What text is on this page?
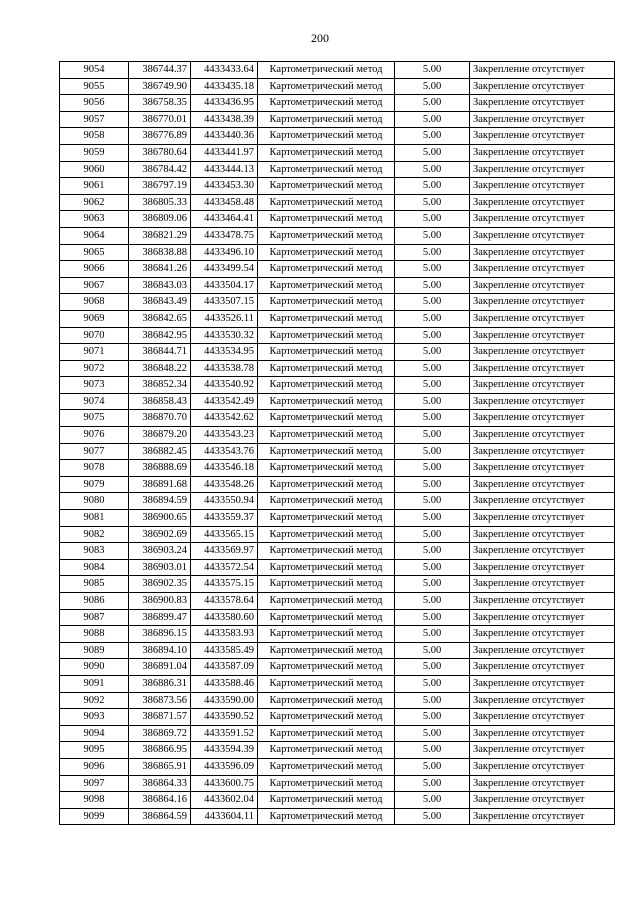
200
9054	386744.37	4433433.64	Картометрический метод	5.00	Закрепление отсутствует
9055	386749.90	4433435.18	Картометрический метод	5.00	Закрепление отсутствует
9056	386758.35	4433436.95	Картометрический метод	5.00	Закрепление отсутствует
9057	386770.01	4433438.39	Картометрический метод	5.00	Закрепление отсутствует
9058	386776.89	4433440.36	Картометрический метод	5.00	Закрепление отсутствует
9059	386780.64	4433441.97	Картометрический метод	5.00	Закрепление отсутствует
9060	386784.42	4433444.13	Картометрический метод	5.00	Закрепление отсутствует
9061	386797.19	4433453.30	Картометрический метод	5.00	Закрепление отсутствует
9062	386805.33	4433458.48	Картометрический метод	5.00	Закрепление отсутствует
9063	386809.06	4433464.41	Картометрический метод	5.00	Закрепление отсутствует
9064	386821.29	4433478.75	Картометрический метод	5.00	Закрепление отсутствует
9065	386838.88	4433496.10	Картометрический метод	5.00	Закрепление отсутствует
9066	386841.26	4433499.54	Картометрический метод	5.00	Закрепление отсутствует
9067	386843.03	4433504.17	Картометрический метод	5.00	Закрепление отсутствует
9068	386843.49	4433507.15	Картометрический метод	5.00	Закрепление отсутствует
9069	386842.65	4433526.11	Картометрический метод	5.00	Закрепление отсутствует
9070	386842.95	4433530.32	Картометрический метод	5.00	Закрепление отсутствует
9071	386844.71	4433534.95	Картометрический метод	5.00	Закрепление отсутствует
9072	386848.22	4433538.78	Картометрический метод	5.00	Закрепление отсутствует
9073	386852.34	4433540.92	Картометрический метод	5.00	Закрепление отсутствует
9074	386858.43	4433542.49	Картометрический метод	5.00	Закрепление отсутствует
9075	386870.70	4433542.62	Картометрический метод	5.00	Закрепление отсутствует
9076	386879.20	4433543.23	Картометрический метод	5.00	Закрепление отсутствует
9077	386882.45	4433543.76	Картометрический метод	5.00	Закрепление отсутствует
9078	386888.69	4433546.18	Картометрический метод	5.00	Закрепление отсутствует
9079	386891.68	4433548.26	Картометрический метод	5.00	Закрепление отсутствует
9080	386894.59	4433550.94	Картометрический метод	5.00	Закрепление отсутствует
9081	386900.65	4433559.37	Картометрический метод	5.00	Закрепление отсутствует
9082	386902.69	4433565.15	Картометрический метод	5.00	Закрепление отсутствует
9083	386903.24	4433569.97	Картометрический метод	5.00	Закрепление отсутствует
9084	386903.01	4433572.54	Картометрический метод	5.00	Закрепление отсутствует
9085	386902.35	4433575.15	Картометрический метод	5.00	Закрепление отсутствует
9086	386900.83	4433578.64	Картометрический метод	5.00	Закрепление отсутствует
9087	386899.47	4433580.60	Картометрический метод	5.00	Закрепление отсутствует
9088	386896.15	4433583.93	Картометрический метод	5.00	Закрепление отсутствует
9089	386894.10	4433585.49	Картометрический метод	5.00	Закрепление отсутствует
9090	386891.04	4433587.09	Картометрический метод	5.00	Закрепление отсутствует
9091	386886.31	4433588.46	Картометрический метод	5.00	Закрепление отсутствует
9092	386873.56	4433590.00	Картометрический метод	5.00	Закрепление отсутствует
9093	386871.57	4433590.52	Картометрический метод	5.00	Закрепление отсутствует
9094	386869.72	4433591.52	Картометрический метод	5.00	Закрепление отсутствует
9095	386866.95	4433594.39	Картометрический метод	5.00	Закрепление отсутствует
9096	386865.91	4433596.09	Картометрический метод	5.00	Закрепление отсутствует
9097	386864.33	4433600.75	Картометрический метод	5.00	Закрепление отсутствует
9098	386864.16	4433602.04	Картометрический метод	5.00	Закрепление отсутствует
9099	386864.59	4433604.11	Картометрический метод	5.00	Закрепление отсутствует
